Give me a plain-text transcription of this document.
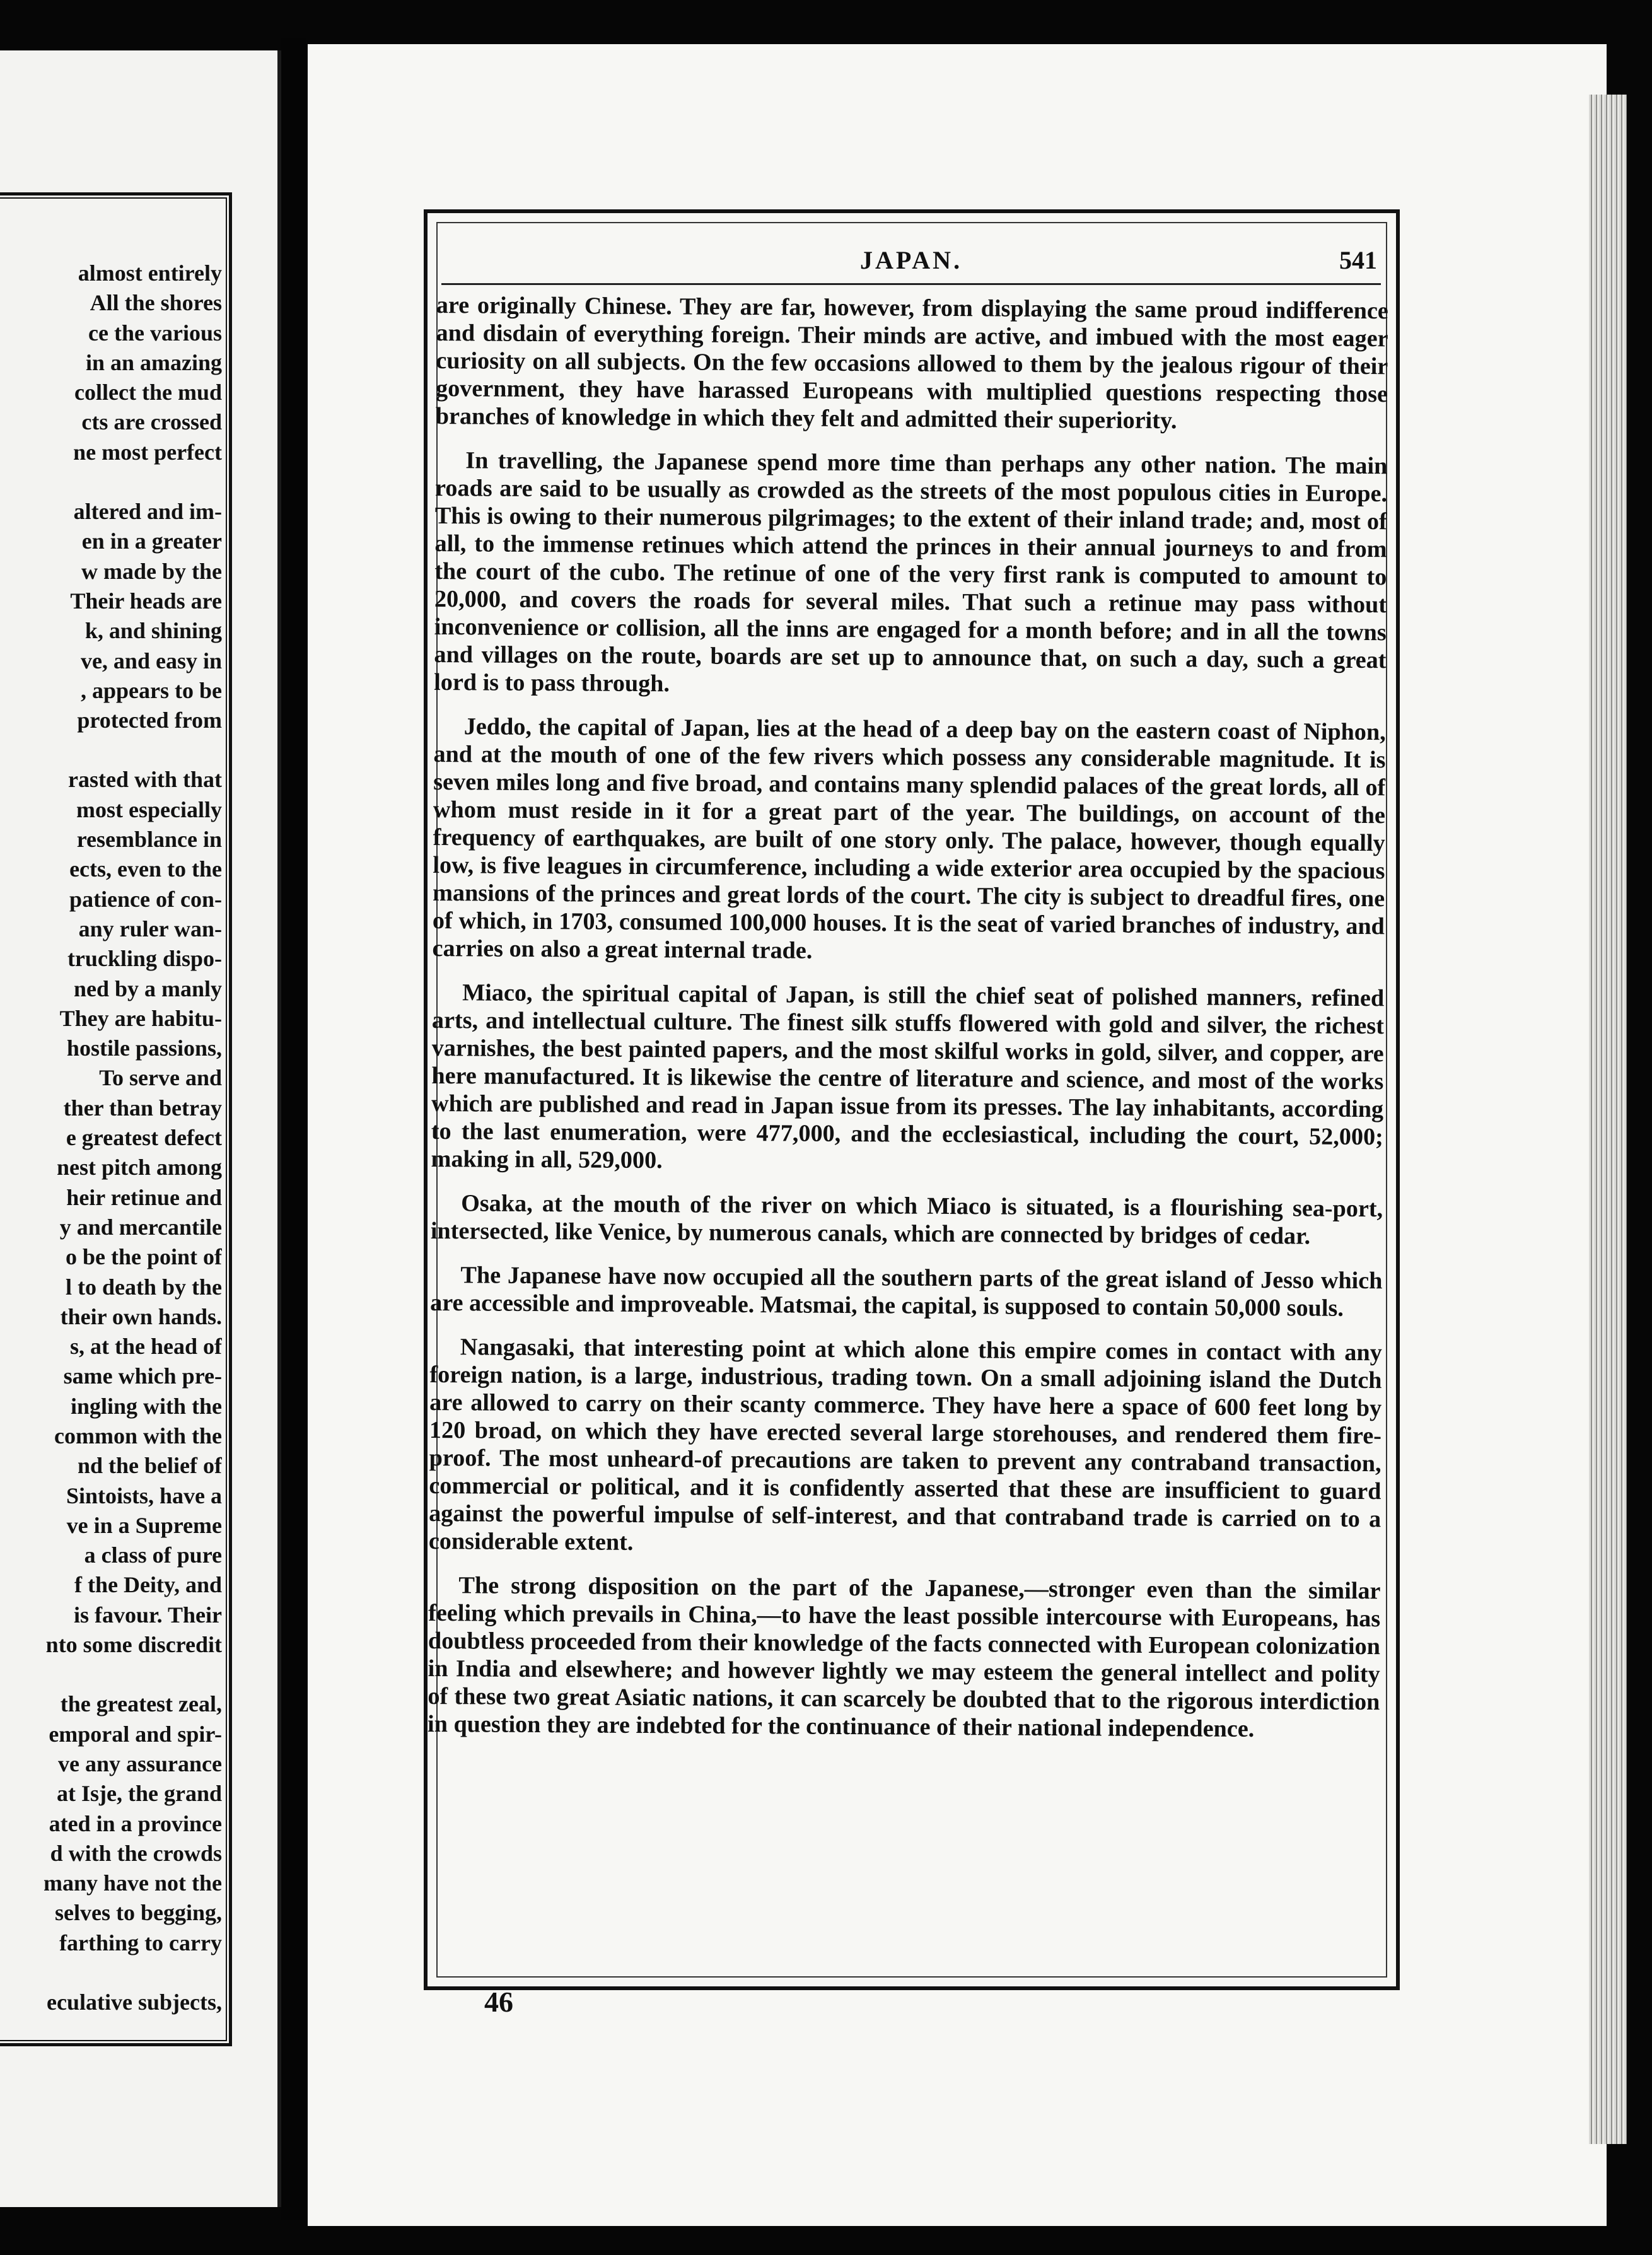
almost entirely
All the shores
ce the various
in an amazing
collect the mud
cts are crossed
ne most perfect
altered and im-
en in a greater
w made by the
Their heads are
k, and shining
ve, and easy in
, appears to be
protected from
rasted with that
most especially
resemblance in
ects, even to the
patience of con-
any ruler wan-
truckling dispo-
ned by a manly
They are habitu-
hostile passions,
To serve and
ther than betray
e greatest defect
nest pitch among
heir retinue and
y and mercantile
o be the point of
l to death by the
their own hands.
s, at the head of
same which pre-
ingling with the
common with the
nd the belief of
Sintoists, have a
ve in a Supreme
a class of pure
f the Deity, and
is favour. Their
nto some discredit
the greatest zeal,
emporal and spir-
ve any assurance
at Isje, the grand
ated in a province
d with the crowds
many have not the
selves to begging,
farthing to carry
eculative subjects,
JAPAN.	541

are originally Chinese. They are far, however, from displaying the same proud indifference and disdain of everything foreign. Their minds are active, and imbued with the most eager curiosity on all subjects. On the few occasions allowed to them by the jealous rigour of their government, they have harassed Europeans with multiplied questions respecting those branches of knowledge in which they felt and admitted their superiority.

In travelling, the Japanese spend more time than perhaps any other nation. The main roads are said to be usually as crowded as the streets of the most populous cities in Europe. This is owing to their numerous pilgrimages; to the extent of their inland trade; and, most of all, to the immense retinues which attend the princes in their annual journeys to and from the court of the cubo. The retinue of one of the very first rank is computed to amount to 20,000, and covers the roads for several miles. That such a retinue may pass without inconvenience or collision, all the inns are engaged for a month before; and in all the towns and villages on the route, boards are set up to announce that, on such a day, such a great lord is to pass through.

Jeddo, the capital of Japan, lies at the head of a deep bay on the eastern coast of Niphon, and at the mouth of one of the few rivers which possess any considerable magnitude. It is seven miles long and five broad, and contains many splendid palaces of the great lords, all of whom must reside in it for a great part of the year. The buildings, on account of the frequency of earthquakes, are built of one story only. The palace, however, though equally low, is five leagues in circumference, including a wide exterior area occupied by the spacious mansions of the princes and great lords of the court. The city is subject to dreadful fires, one of which, in 1703, consumed 100,000 houses. It is the seat of varied branches of industry, and carries on also a great internal trade.

Miaco, the spiritual capital of Japan, is still the chief seat of polished manners, refined arts, and intellectual culture. The finest silk stuffs flowered with gold and silver, the richest varnishes, the best painted papers, and the most skilful works in gold, silver, and copper, are here manufactured. It is likewise the centre of literature and science, and most of the works which are published and read in Japan issue from its presses. The lay inhabitants, according to the last enumeration, were 477,000, and the ecclesiastical, including the court, 52,000; making in all, 529,000.

Osaka, at the mouth of the river on which Miaco is situated, is a flourishing sea-port, intersected, like Venice, by numerous canals, which are connected by bridges of cedar.

The Japanese have now occupied all the southern parts of the great island of Jesso which are accessible and improveable. Matsmai, the capital, is supposed to contain 50,000 souls.

Nangasaki, that interesting point at which alone this empire comes in contact with any foreign nation, is a large, industrious, trading town. On a small adjoining island the Dutch are allowed to carry on their scanty commerce. They have here a space of 600 feet long by 120 broad, on which they have erected several large storehouses, and rendered them fire-proof. The most unheard-of precautions are taken to prevent any contraband transaction, commercial or political, and it is confidently asserted that these are insufficient to guard against the powerful impulse of self-interest, and that contraband trade is carried on to a considerable extent.

The strong disposition on the part of the Japanese,—stronger even than the similar feeling which prevails in China,—to have the least possible intercourse with Europeans, has doubtless proceeded from their knowledge of the facts connected with European colonization in India and elsewhere; and however lightly we may esteem the general intellect and polity of these two great Asiatic nations, it can scarcely be doubted that to the rigorous interdiction in question they are indebted for the continuance of their national independence.

46
